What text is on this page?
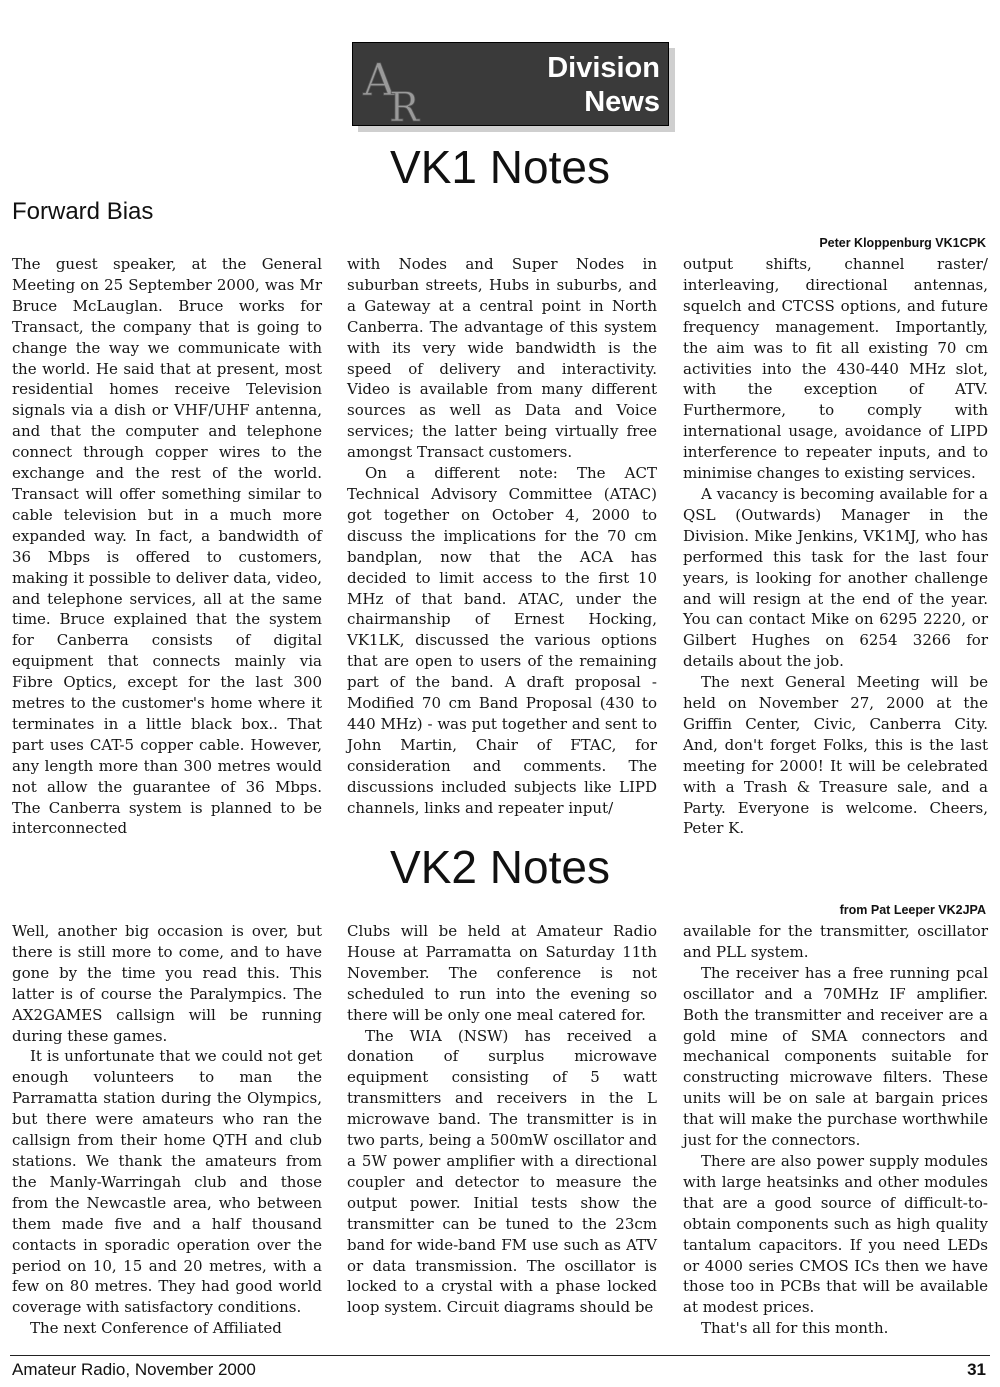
A
R
Division
News
VK1 Notes
Forward Bias
Peter Kloppenburg VK1CPK

The guest speaker, at the General Meeting on 25 September 2000, was Mr Bruce McLauglan. Bruce works for Transact, the company that is going to change the way we communicate with the world. He said that at present, most residential homes receive Television signals via a dish or VHF/UHF antenna, and that the computer and telephone connect through copper wires to the exchange and the rest of the world. Transact will offer something similar to cable television but in a much more expanded way. In fact, a bandwidth of 36 Mbps is offered to customers, making it possible to deliver data, video, and telephone services, all at the same time. Bruce explained that the system for Canberra consists of digital equipment that connects mainly via Fibre Optics, except for the last 300 metres to the customer's home where it terminates in a little black box.. That part uses CAT-5 copper cable. However, any length more than 300 metres would not allow the guarantee of 36 Mbps. The Canberra system is planned to be interconnected

with Nodes and Super Nodes in suburban streets, Hubs in suburbs, and a Gateway at a central point in North Canberra. The advantage of this system with its very wide bandwidth is the speed of delivery and interactivity. Video is available from many different sources as well as Data and Voice services; the latter being virtually free amongst Transact customers.

On a different note: The ACT Technical Advisory Committee (ATAC) got together on October 4, 2000 to discuss the implications for the 70 cm bandplan, now that the ACA has decided to limit access to the first 10 MHz of that band. ATAC, under the chairmanship of Ernest Hocking, VK1LK, discussed the various options that are open to users of the remaining part of the band. A draft proposal - Modified 70 cm Band Proposal (430 to 440 MHz) - was put together and sent to John Martin, Chair of FTAC, for consideration and comments. The discussions included subjects like LIPD channels, links and repeater input/

output shifts, channel raster/ interleaving, directional antennas, squelch and CTCSS options, and future frequency management. Importantly, the aim was to fit all existing 70 cm activities into the 430-440 MHz slot, with the exception of ATV. Furthermore, to comply with international usage, avoidance of LIPD interference to repeater inputs, and to minimise changes to existing services.

A vacancy is becoming available for a QSL (Outwards) Manager in the Division. Mike Jenkins, VK1MJ, who has performed this task for the last four years, is looking for another challenge and will resign at the end of the year. You can contact Mike on 6295 2220, or Gilbert Hughes on 6254 3266 for details about the job.

The next General Meeting will be held on November 27, 2000 at the Griffin Center, Civic, Canberra City. And, don't forget Folks, this is the last meeting for 2000! It will be celebrated with a Trash & Treasure sale, and a Party. Everyone is welcome. Cheers, Peter K.

VK2 Notes
from Pat Leeper VK2JPA

Well, another big occasion is over, but there is still more to come, and to have gone by the time you read this. This latter is of course the Paralympics. The AX2GAMES callsign will be running during these games.

It is unfortunate that we could not get enough volunteers to man the Parramatta station during the Olympics, but there were amateurs who ran the callsign from their home QTH and club stations. We thank the amateurs from the Manly-Warringah club and those from the Newcastle area, who between them made five and a half thousand contacts in sporadic operation over the period on 10, 15 and 20 metres, with a few on 80 metres. They had good world coverage with satisfactory conditions.

The next Conference of Affiliated

Clubs will be held at Amateur Radio House at Parramatta on Saturday 11th November. The conference is not scheduled to run into the evening so there will be only one meal catered for.

The WIA (NSW) has received a donation of surplus microwave equipment consisting of 5 watt transmitters and receivers in the L microwave band. The transmitter is in two parts, being a 500mW oscillator and a 5W power amplifier with a directional coupler and detector to measure the output power. Initial tests show the transmitter can be tuned to the 23cm band for wide-band FM use such as ATV or data transmission. The oscillator is locked to a crystal with a phase locked loop system. Circuit diagrams should be

available for the transmitter, oscillator and PLL system.

The receiver has a free running pcal oscillator and a 70MHz IF amplifier. Both the transmitter and receiver are a gold mine of SMA connectors and mechanical components suitable for constructing microwave filters. These units will be on sale at bargain prices that will make the purchase worthwhile just for the connectors.

There are also power supply modules with large heatsinks and other modules that are a good source of difficult-to-obtain components such as high quality tantalum capacitors. If you need LEDs or 4000 series CMOS ICs then we have those too in PCBs that will be available at modest prices.

That's all for this month.

Amateur Radio, November 2000	31
